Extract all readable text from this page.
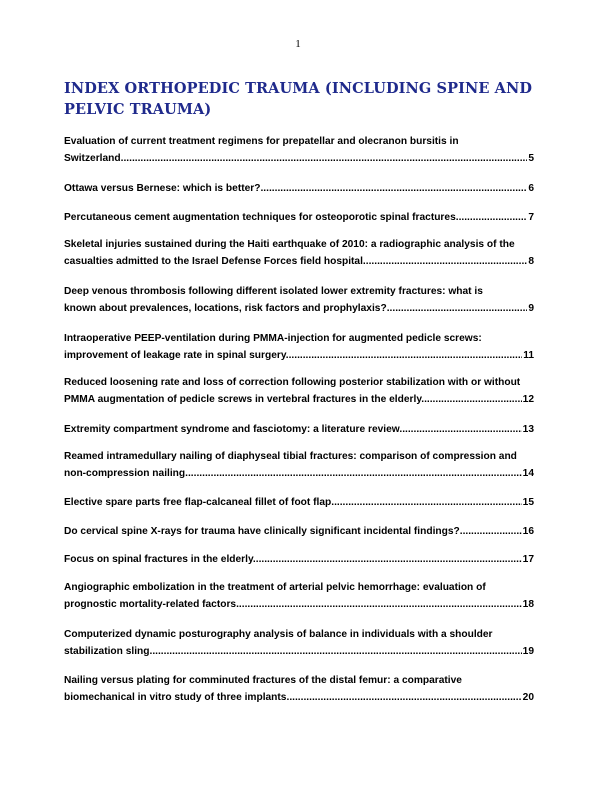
1
INDEX ORTHOPEDIC TRAUMA (INCLUDING SPINE AND PELVIC TRAUMA)
Evaluation of current treatment regimens for prepatellar and olecranon bursitis in
Switzerland. .....	5
Ottawa versus Bernese: which is better? .....	6
Percutaneous cement augmentation techniques for osteoporotic spinal fractures. .....	7
Skeletal injuries sustained during the Haiti earthquake of 2010: a radiographic analysis of the
casualties admitted to the Israel Defense Forces field hospital. .....	8
Deep venous thrombosis following different isolated lower extremity fractures: what is
known about prevalences, locations, risk factors and prophylaxis? .....	9
Intraoperative PEEP-ventilation during PMMA-injection for augmented pedicle screws:
improvement of leakage rate in spinal surgery. .....	11
Reduced loosening rate and loss of correction following posterior stabilization with or without
PMMA augmentation of pedicle screws in vertebral fractures in the elderly. .....	12
Extremity compartment syndrome and fasciotomy: a literature review. .....	13
Reamed intramedullary nailing of diaphyseal tibial fractures: comparison of compression and
non-compression nailing. .....	14
Elective spare parts free flap-calcaneal fillet of foot flap. .....	15
Do cervical spine X-rays for trauma have clinically significant incidental findings? .....	16
Focus on spinal fractures in the elderly. .....	17
Angiographic embolization in the treatment of arterial pelvic hemorrhage: evaluation of
prognostic mortality-related factors. .....	18
Computerized dynamic posturography analysis of balance in individuals with a shoulder
stabilization sling. .....	19
Nailing versus plating for comminuted fractures of the distal femur: a comparative
biomechanical in vitro study of three implants. .....	20
